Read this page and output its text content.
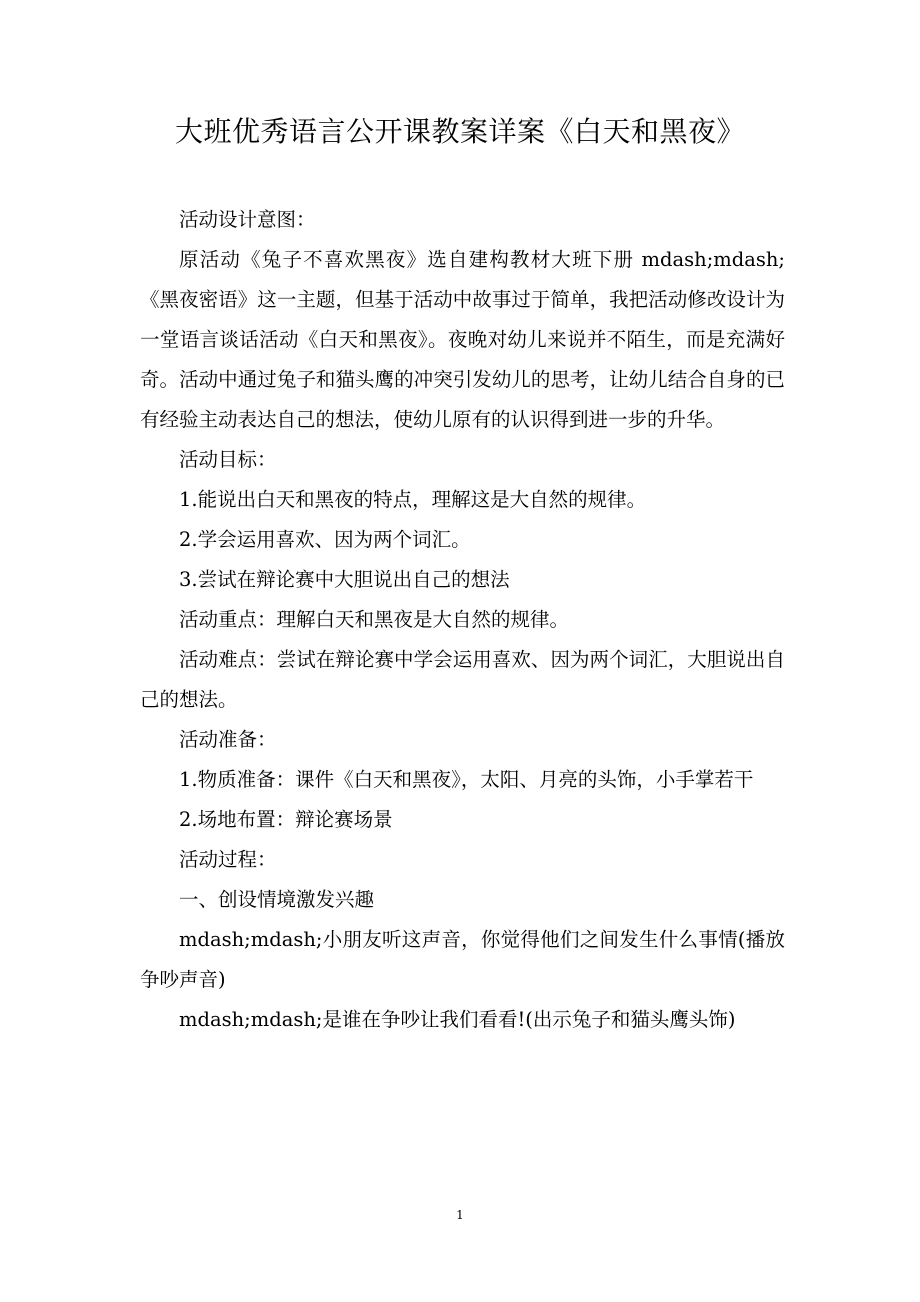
大班优秀语言公开课教案详案《白天和黑夜》

活动设计意图：

原活动《兔子不喜欢黑夜》选自建构教材大班下册 mdash;mdash;《黑夜密语》这一主题，但基于活动中故事过于简单，我把活动修改设计为一堂语言谈话活动《白天和黑夜》。夜晚对幼儿来说并不陌生，而是充满好奇。活动中通过兔子和猫头鹰的冲突引发幼儿的思考，让幼儿结合自身的已有经验主动表达自己的想法，使幼儿原有的认识得到进一步的升华。

活动目标：

1.能说出白天和黑夜的特点，理解这是大自然的规律。

2.学会运用喜欢、因为两个词汇。

3.尝试在辩论赛中大胆说出自己的想法

活动重点：理解白天和黑夜是大自然的规律。

活动难点：尝试在辩论赛中学会运用喜欢、因为两个词汇，大胆说出自己的想法。

活动准备：

1.物质准备：课件《白天和黑夜》，太阳、月亮的头饰，小手掌若干

2.场地布置：辩论赛场景

活动过程：

一、创设情境激发兴趣

mdash;mdash;小朋友听这声音，你觉得他们之间发生什么事情(播放争吵声音)

mdash;mdash;是谁在争吵让我们看看!(出示兔子和猫头鹰头饰)

1
